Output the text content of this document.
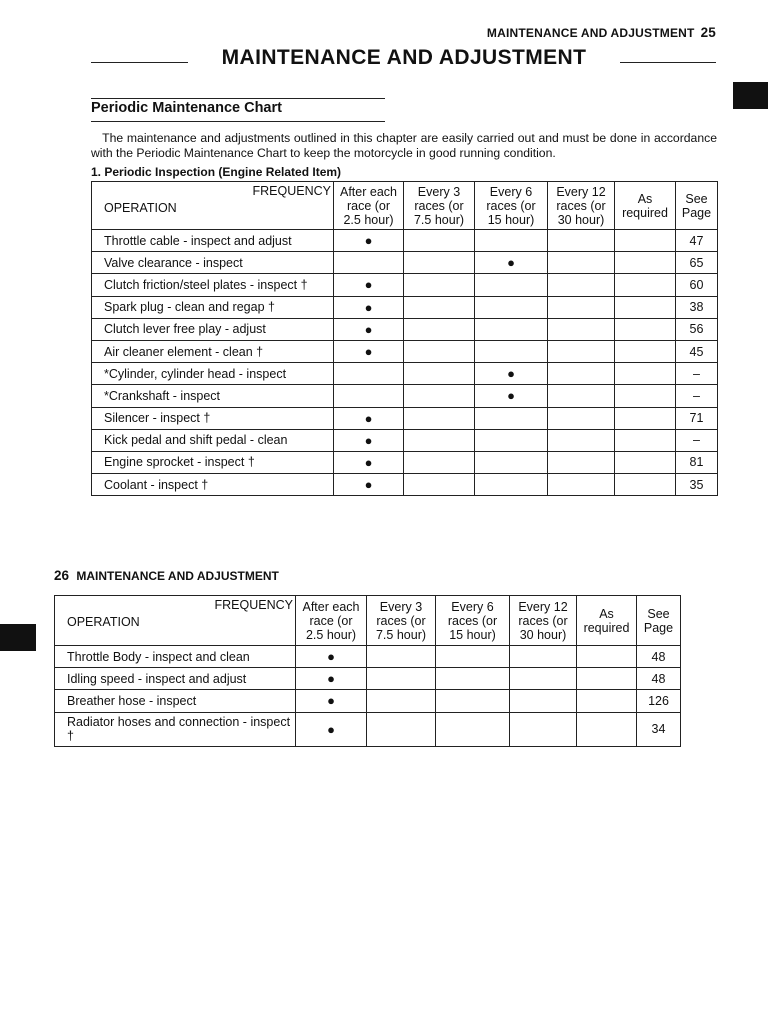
MAINTENANCE AND ADJUSTMENT 25
MAINTENANCE AND ADJUSTMENT
Periodic Maintenance Chart

The maintenance and adjustments outlined in this chapter are easily carried out and must be done in accordance with the Periodic Maintenance Chart to keep the motorcycle in good running condition.

1. Periodic Inspection (Engine Related Item)
FREQUENCY
OPERATION	After each
race (or
2.5 hour)	Every 3
races (or
7.5 hour)	Every 6
races (or
15 hour)	Every 12
races (or
30 hour)	As
required	See
Page
Throttle cable - inspect and adjust	●					47
Valve clearance - inspect			●			65
Clutch friction/steel plates - inspect †	●					60
Spark plug - clean and regap †	●					38
Clutch lever free play - adjust	●					56
Air cleaner element - clean †	●					45
*Cylinder, cylinder head - inspect			●			–
*Crankshaft - inspect			●			–
Silencer - inspect †	●					71
Kick pedal and shift pedal - clean	●					–
Engine sprocket - inspect †	●					81
Coolant - inspect †	●					35
26 MAINTENANCE AND ADJUSTMENT
FREQUENCY
OPERATION	After each
race (or
2.5 hour)	Every 3
races (or
7.5 hour)	Every 6
races (or
15 hour)	Every 12
races (or
30 hour)	As
required	See
Page
Throttle Body - inspect and clean	●					48
Idling speed - inspect and adjust	●					48
Breather hose - inspect	●					126
Radiator hoses and connection - inspect †	●					34
